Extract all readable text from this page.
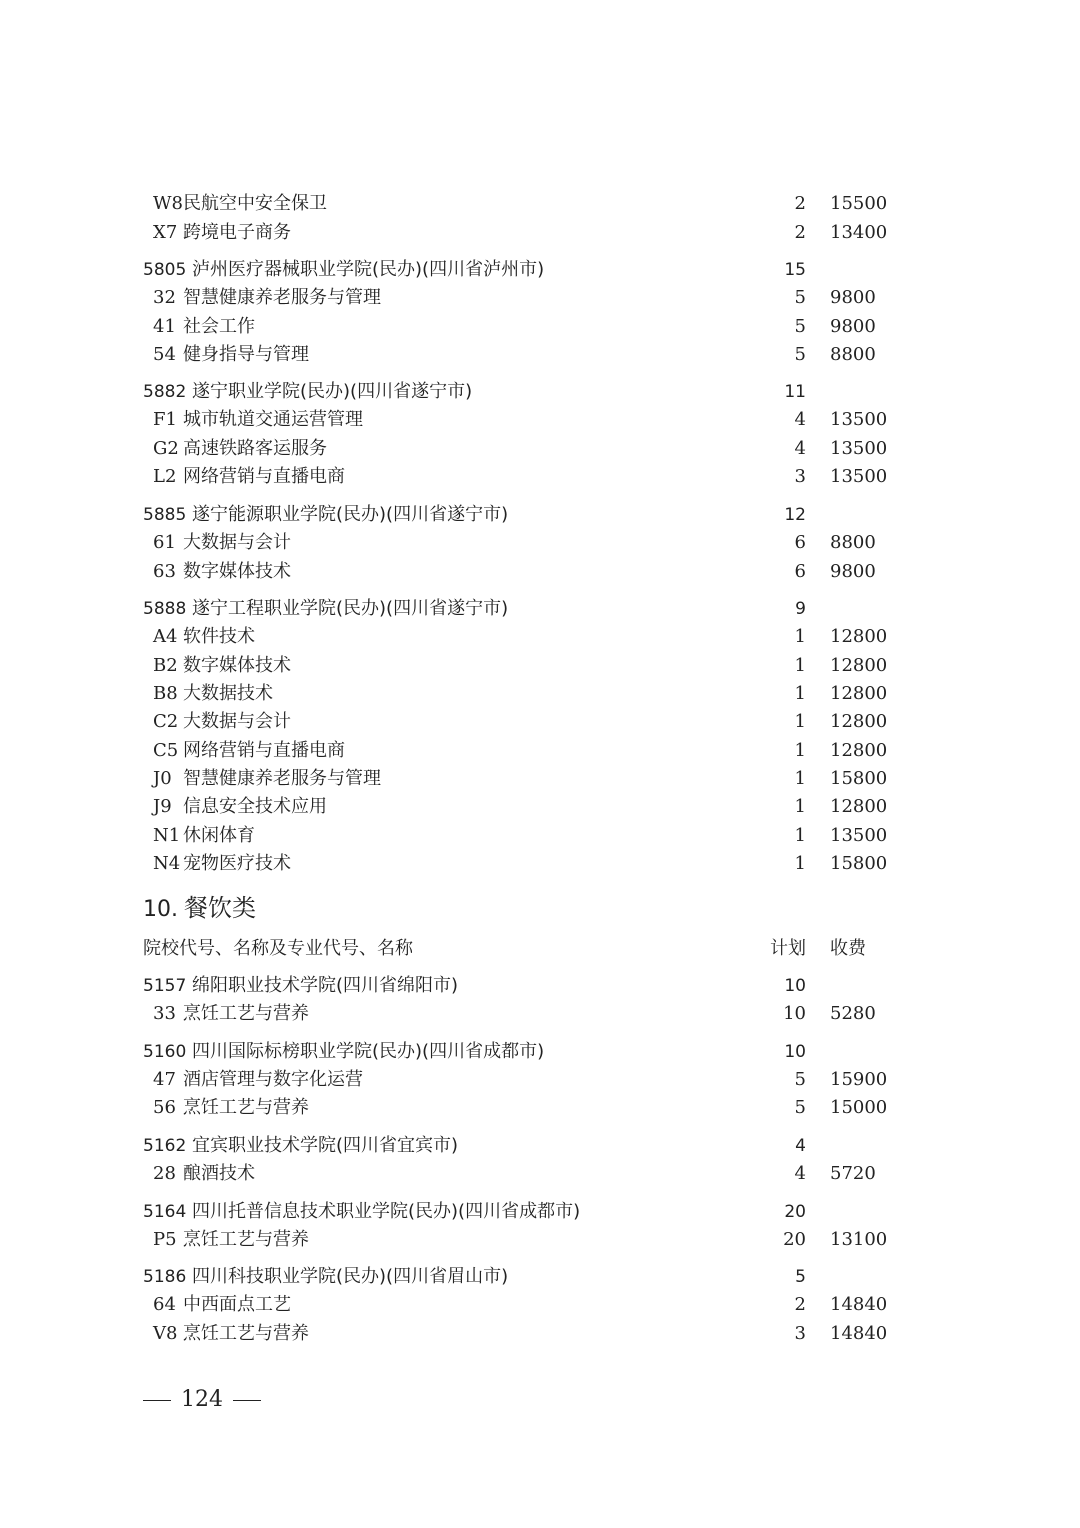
W8 民航空中安全保卫	2 15500
X7 跨境电子商务	2 13400
5805 泸州医疗器械职业学院(民办)(四川省泸州市)	15
32 智慧健康养老服务与管理	5 9800
41 社会工作	5 9800
54 健身指导与管理	5 8800
5882 遂宁职业学院(民办)(四川省遂宁市)	11
F1 城市轨道交通运营管理	4 13500
G2 高速铁路客运服务	4 13500
L2 网络营销与直播电商	3 13500
5885 遂宁能源职业学院(民办)(四川省遂宁市)	12
61 大数据与会计	6 8800
63 数字媒体技术	6 9800
5888 遂宁工程职业学院(民办)(四川省遂宁市)	9
A4 软件技术	1 12800
B2 数字媒体技术	1 12800
B8 大数据技术	1 12800
C2 大数据与会计	1 12800
C5 网络营销与直播电商	1 12800
J0 智慧健康养老服务与管理	1 15800
J9 信息安全技术应用	1 12800
N1 休闲体育	1 13500
N4 宠物医疗技术	1 15800
10. 餐饮类
院校代号、名称及专业代号、名称	计划 收费
5157 绵阳职业技术学院(四川省绵阳市)	10
33 烹饪工艺与营养	10 5280
5160 四川国际标榜职业学院(民办)(四川省成都市)	10
47 酒店管理与数字化运营	5 15900
56 烹饪工艺与营养	5 15000
5162 宜宾职业技术学院(四川省宜宾市)	4
28 酿酒技术	4 5720
5164 四川托普信息技术职业学院(民办)(四川省成都市)	20
P5 烹饪工艺与营养	20 13100
5186 四川科技职业学院(民办)(四川省眉山市)	5
64 中西面点工艺	2 14840
V8 烹饪工艺与营养	3 14840
124
